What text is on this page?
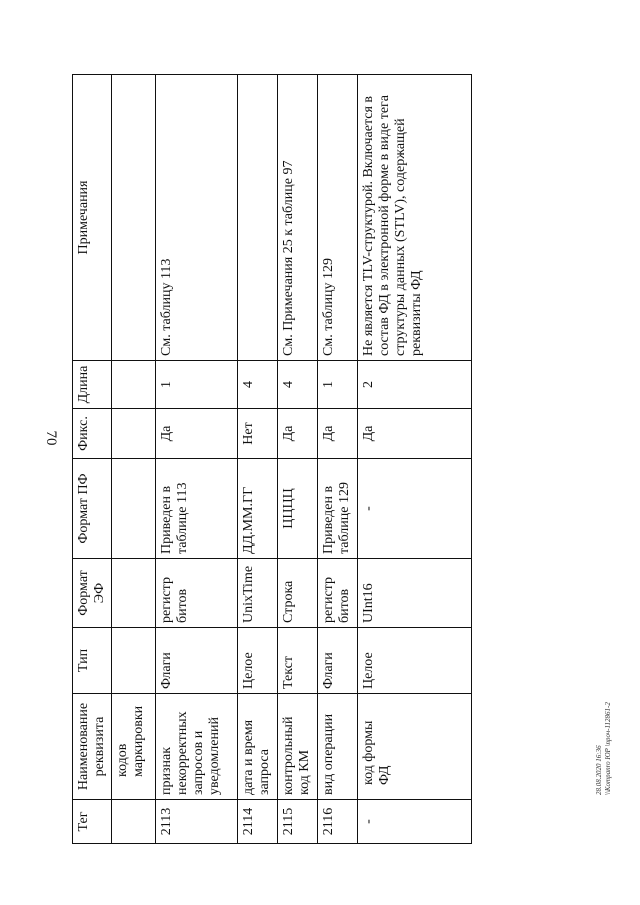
70
28.08.2020 16:36 \\Kompanro ЮР \проч-112861-2
Тег	Наименование реквизита	Тип	Формат ЭФ	Формат ПФ	Фикс.	Длина	Примечания
	кодов маркировки						
2113	признак некорректных запросов и уведомлений	Флаги	регистр битов	Приведен в таблице 113	Да	1	См. таблицу 113
2114	дата и время запроса	Целое	UnixTime	ДД.ММ.ГГ	Нет	4	
2115	контрольный код КМ	Текст	Строка	ЦЦЦЦ	Да	4	См. Примечания 25 к таблице 97
2116	вид операции	Флаги	регистр битов	Приведен в таблице 129	Да	1	См. таблицу 129
-	код формы ФД	Целое	UInt16	-	Да	2	Не является TLV-структурой. Включается в состав ФД в электронной форме в виде тега структуры данных (STLV), содержащей реквизиты ФД
